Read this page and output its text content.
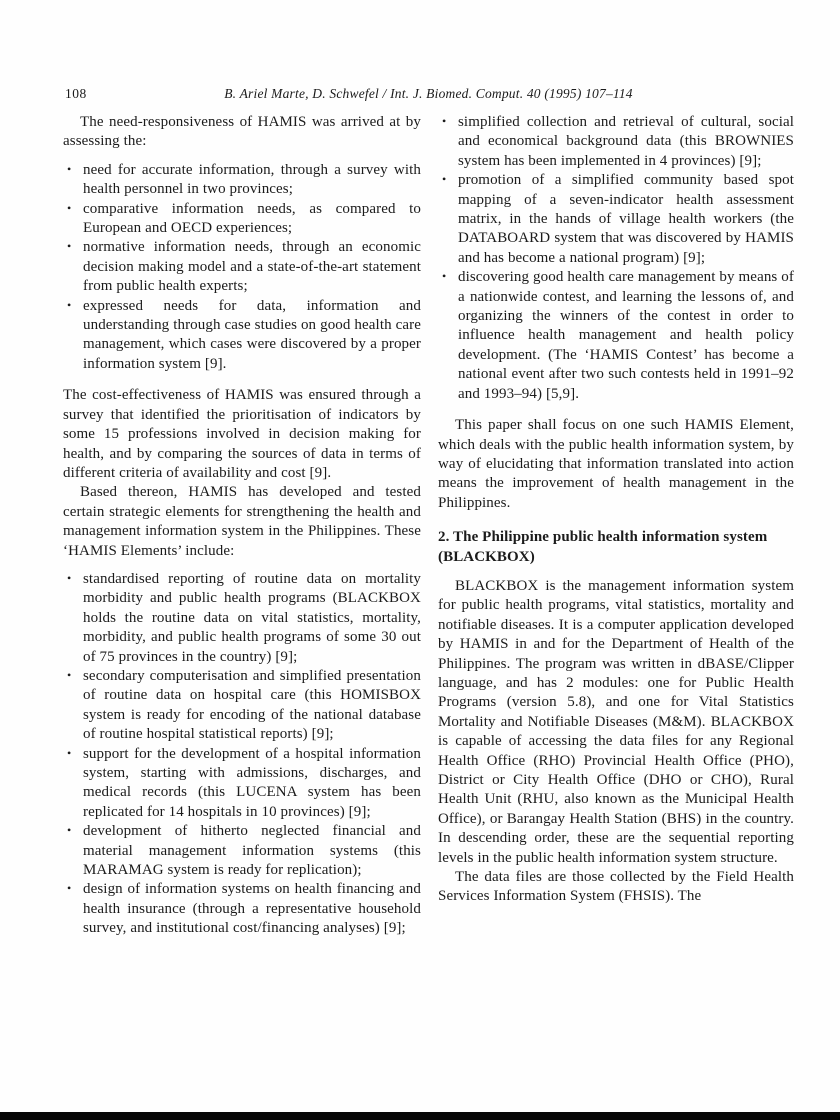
108	B. Ariel Marte, D. Schwefel / Int. J. Biomed. Comput. 40 (1995) 107–114

The need-responsiveness of HAMIS was arrived at by assessing the:

• need for accurate information, through a survey with health personnel in two provinces;
• comparative information needs, as compared to European and OECD experiences;
• normative information needs, through an economic decision making model and a state-of-the-art statement from public health experts;
• expressed needs for data, information and understanding through case studies on good health care management, which cases were discovered by a proper information system [9].

The cost-effectiveness of HAMIS was ensured through a survey that identified the prioritisation of indicators by some 15 professions involved in decision making for health, and by comparing the sources of data in terms of different criteria of availability and cost [9].

Based thereon, HAMIS has developed and tested certain strategic elements for strengthening the health and management information system in the Philippines. These ‘HAMIS Elements’ include:

• standardised reporting of routine data on mortality morbidity and public health programs (BLACKBOX holds the routine data on vital statistics, mortality, morbidity, and public health programs of some 30 out of 75 provinces in the country) [9];
• secondary computerisation and simplified presentation of routine data on hospital care (this HOMISBOX system is ready for encoding of the national database of routine hospital statistical reports) [9];
• support for the development of a hospital information system, starting with admissions, discharges, and medical records (this LUCENA system has been replicated for 14 hospitals in 10 provinces) [9];
• development of hitherto neglected financial and material management information systems (this MARAMAG system is ready for replication);
• design of information systems on health financing and health insurance (through a representative household survey, and institutional cost/financing analyses) [9];
• simplified collection and retrieval of cultural, social and economical background data (this BROWNIES system has been implemented in 4 provinces) [9];
• promotion of a simplified community based spot mapping of a seven-indicator health assessment matrix, in the hands of village health workers (the DATABOARD system that was discovered by HAMIS and has become a national program) [9];
• discovering good health care management by means of a nationwide contest, and learning the lessons of, and organizing the winners of the contest in order to influence health management and health policy development. (The ‘HAMIS Contest’ has become a national event after two such contests held in 1991–92 and 1993–94) [5,9].

This paper shall focus on one such HAMIS Element, which deals with the public health information system, by way of elucidating that information translated into action means the improvement of health management in the Philippines.

2. The Philippine public health information system (BLACKBOX)

BLACKBOX is the management information system for public health programs, vital statistics, mortality and notifiable diseases. It is a computer application developed by HAMIS in and for the Department of Health of the Philippines. The program was written in dBASE/Clipper language, and has 2 modules: one for Public Health Programs (version 5.8), and one for Vital Statistics Mortality and Notifiable Diseases (M&M). BLACKBOX is capable of accessing the data files for any Regional Health Office (RHO) Provincial Health Office (PHO), District or City Health Office (DHO or CHO), Rural Health Unit (RHU, also known as the Municipal Health Office), or Barangay Health Station (BHS) in the country. In descending order, these are the sequential reporting levels in the public health information system structure.

The data files are those collected by the Field Health Services Information System (FHSIS). The
